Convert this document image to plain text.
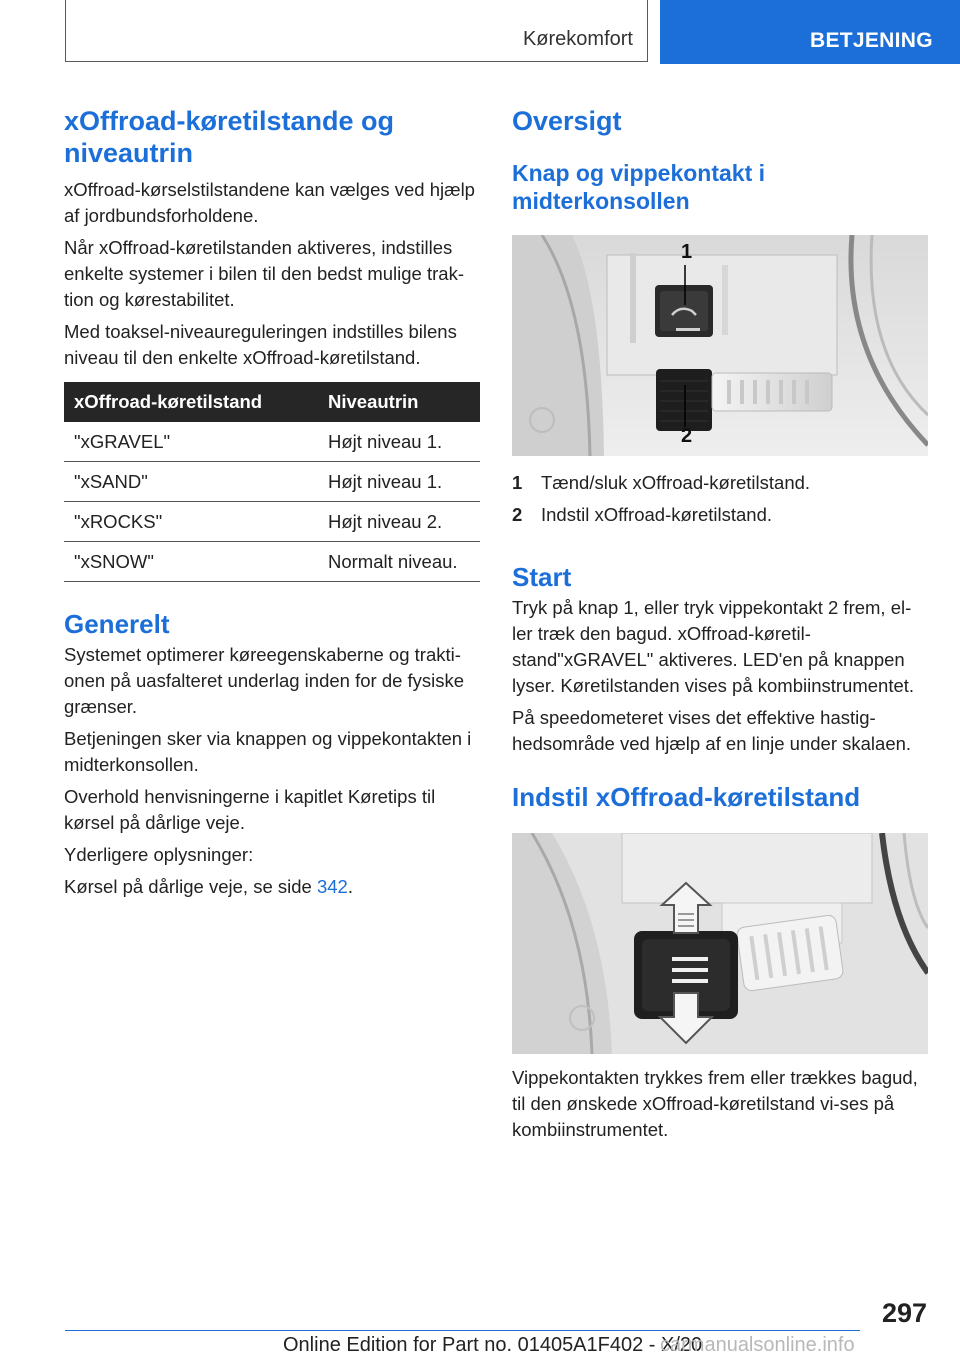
Kørekomfort	BETJENING
xOffroad-køretilstande og niveautrin

xOffroad-kørselstilstandene kan vælges ved hjælp af jordbundsforholdene.

Når xOffroad-køretilstanden aktiveres, indstilles enkelte systemer i bilen til den bedst mulige trak-tion og kørestabilitet.

Med toaksel-niveaureguleringen indstilles bilens niveau til den enkelte xOffroad-køretilstand.

xOffroad-køretilstand	Niveautrin
"xGRAVEL"	Højt niveau 1.
"xSAND"	Højt niveau 1.
"xROCKS"	Højt niveau 2.
"xSNOW"	Normalt niveau.
Generelt

Systemet optimerer køreegenskaberne og trakti-onen på uasfalteret underlag inden for de fysiske grænser.

Betjeningen sker via knappen og vippekontakten i midterkonsollen.

Overhold henvisningerne i kapitlet Køretips til kørsel på dårlige veje.

Yderligere oplysninger:

Kørsel på dårlige veje, se side 342.

Oversigt
Knap og vippekontakt i midterkonsollen
1
2
1 Tænd/sluk xOffroad-køretilstand.
2 Indstil xOffroad-køretilstand.
Start

Tryk på knap 1, eller tryk vippekontakt 2 frem, el-ler træk den bagud. xOffroad-køretil-stand"xGRAVEL" aktiveres. LED'en på knappen lyser. Køretilstanden vises på kombiinstrumentet.

På speedometeret vises det effektive hastig-hedsområde ved hjælp af en linje under skalaen.

Indstil xOffroad-køretilstand

Vippekontakten trykkes frem eller trækkes bagud, til den ønskede xOffroad-køretilstand vi-ses på kombiinstrumentet.

297
Online Edition for Part no. 01405A1F402 - X/20
carmanualsonline.info
